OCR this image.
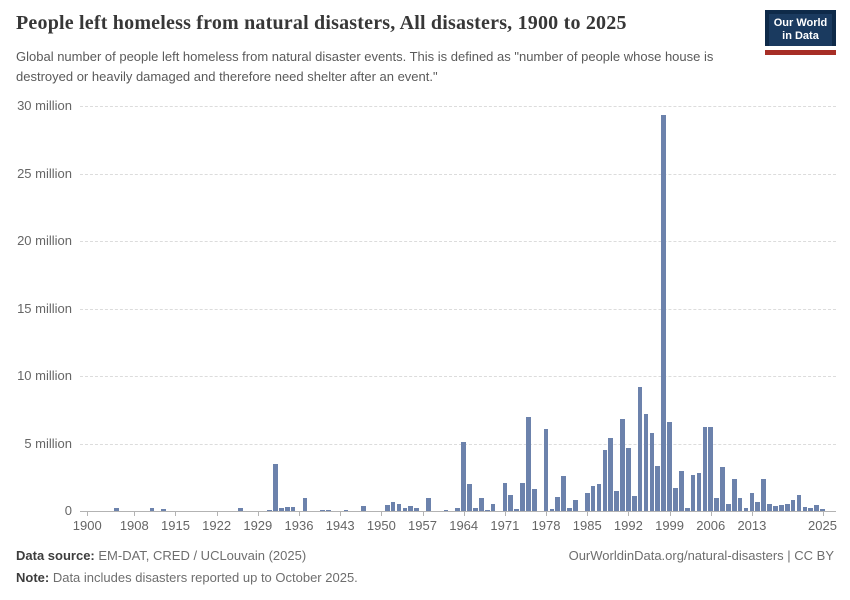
People left homeless from natural disasters, All disasters, 1900 to 2025	Our World
in Data

Global number of people left homeless from natural disaster events. This is defined as "number of people whose house is destroyed or heavily damaged and therefore need shelter after an event."

30 million
25 million
20 million
15 million
10 million
5 million
0
1900	1908 1915 1922 1929 1936 1943 1950 1957 1964 1971 1978 1985 1992 1999 2006 2013	2025
Data source: EM-DAT, CRED / UCLouvain (2025)	OurWorldinData.org/natural-disasters | CC BY
Note: Data includes disasters reported up to October 2025.
